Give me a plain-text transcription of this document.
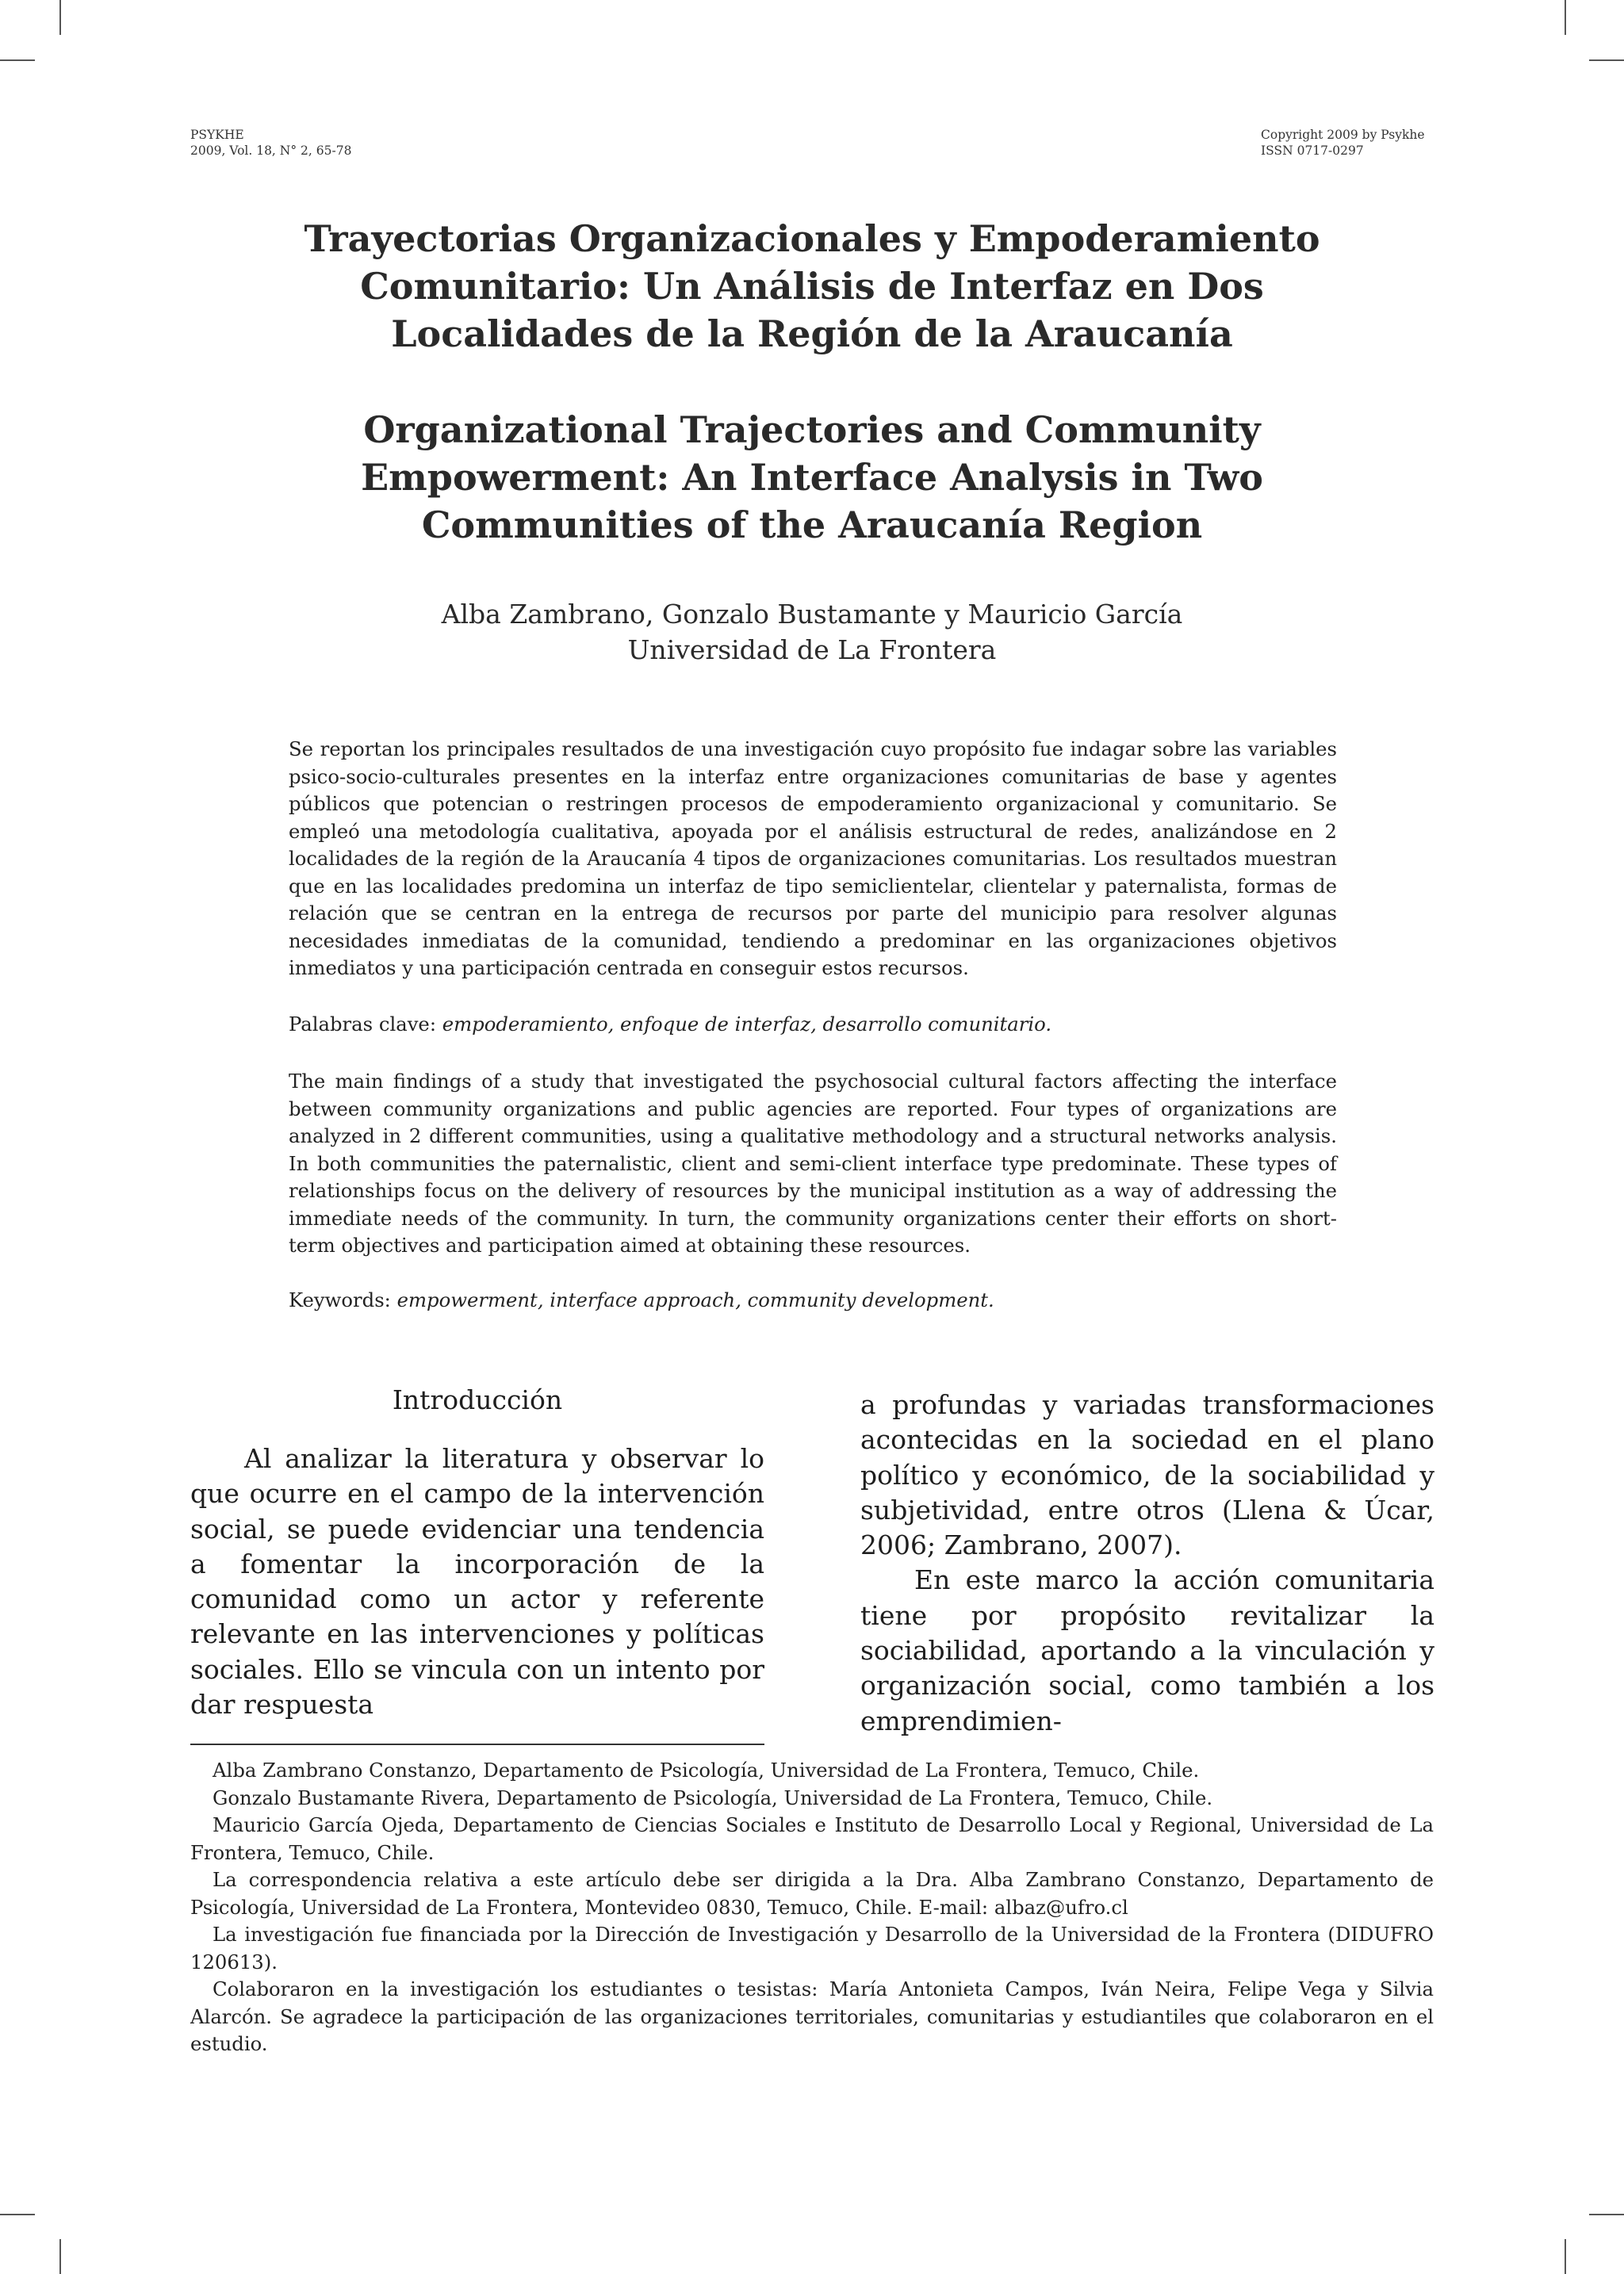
PSYKHE
2009, Vol. 18, N° 2, 65-78
Copyright 2009 by Psykhe
ISSN 0717-0297
Trayectorias Organizacionales y Empoderamiento
Comunitario: Un Análisis de Interfaz en Dos
Localidades de la Región de la Araucanía
Organizational Trajectories and Community
Empowerment: An Interface Analysis in Two
Communities of the Araucanía Region
Alba Zambrano, Gonzalo Bustamante y Mauricio García
Universidad de La Frontera

Se reportan los principales resultados de una investigación cuyo propósito fue indagar sobre las variables psico-socio-culturales presentes en la interfaz entre organizaciones comunitarias de base y agentes públicos que potencian o restringen procesos de empoderamiento organizacional y comunitario. Se empleó una metodología cualitativa, apoyada por el análisis estructural de redes, analizándose en 2 localidades de la región de la Araucanía 4 tipos de organizaciones comunitarias. Los resultados muestran que en las localidades predomina un interfaz de tipo semiclientelar, clientelar y paternalista, formas de relación que se centran en la entrega de recursos por parte del municipio para resolver algunas necesidades inmediatas de la comunidad, tendiendo a predominar en las organizaciones objetivos inmediatos y una participación centrada en conseguir estos recursos.

Palabras clave: empoderamiento, enfoque de interfaz, desarrollo comunitario.

The main findings of a study that investigated the psychosocial cultural factors affecting the interface between community organizations and public agencies are reported. Four types of organizations are analyzed in 2 different communities, using a qualitative methodology and a structural networks analysis. In both communities the paternalistic, client and semi-client interface type predominate. These types of relationships focus on the delivery of resources by the municipal institution as a way of addressing the immediate needs of the community. In turn, the community organizations center their efforts on short-term objectives and participation aimed at obtaining these resources.

Keywords: empowerment, interface approach, community development.
Introducción

Al analizar la literatura y observar lo que ocurre en el campo de la intervención social, se puede evidenciar una tendencia a fomentar la incorporación de la comunidad como un actor y referente relevante en las intervenciones y políticas sociales. Ello se vincula con un intento por dar respuesta

a profundas y variadas transformaciones acontecidas en la sociedad en el plano político y económico, de la sociabilidad y subjetividad, entre otros (Llena & Úcar, 2006; Zambrano, 2007).

En este marco la acción comunitaria tiene por propósito revitalizar la sociabilidad, aportando a la vinculación y organización social, como también a los emprendimien-

Alba Zambrano Constanzo, Departamento de Psicología, Universidad de La Frontera, Temuco, Chile.

Gonzalo Bustamante Rivera, Departamento de Psicología, Universidad de La Frontera, Temuco, Chile.

Mauricio García Ojeda, Departamento de Ciencias Sociales e Instituto de Desarrollo Local y Regional, Universidad de La Frontera, Temuco, Chile.

La correspondencia relativa a este artículo debe ser dirigida a la Dra. Alba Zambrano Constanzo, Departamento de Psicología, Universidad de La Frontera, Montevideo 0830, Temuco, Chile. E-mail: albaz@ufro.cl

La investigación fue financiada por la Dirección de Investigación y Desarrollo de la Universidad de la Frontera (DIDUFRO 120613).

Colaboraron en la investigación los estudiantes o tesistas: María Antonieta Campos, Iván Neira, Felipe Vega y Silvia Alarcón. Se agradece la participación de las organizaciones territoriales, comunitarias y estudiantiles que colaboraron en el estudio.
